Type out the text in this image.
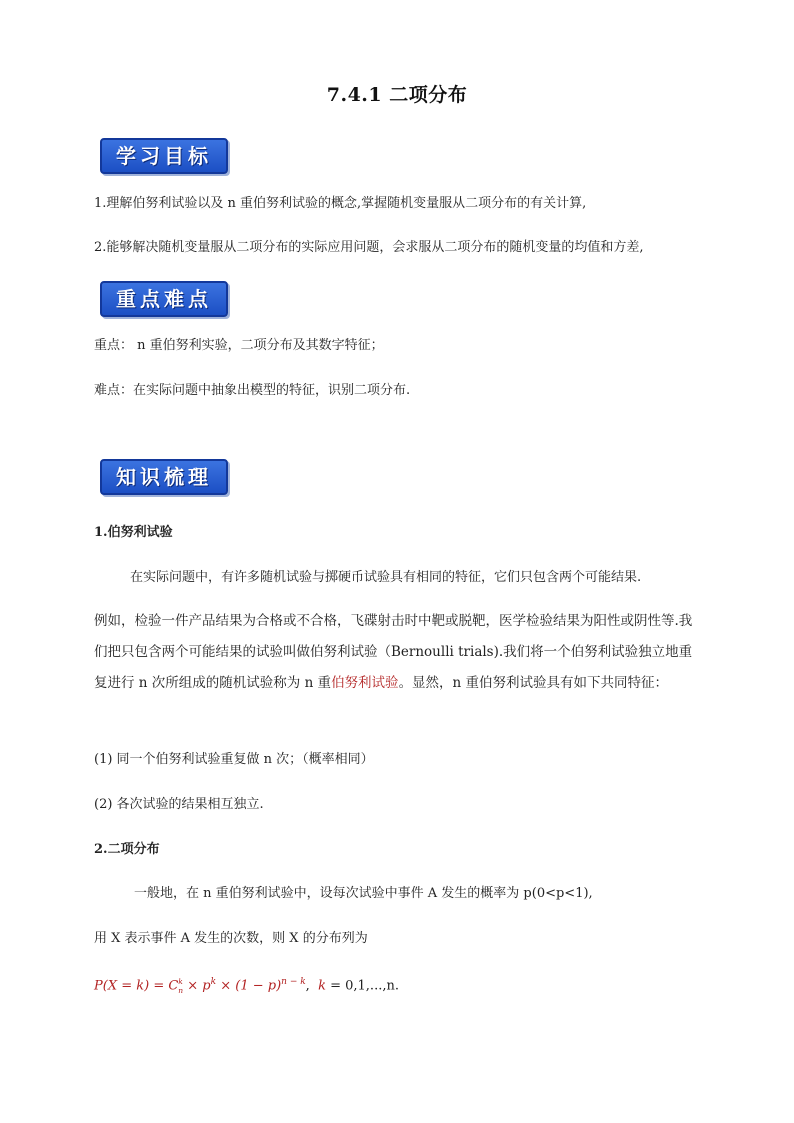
7.4.1 二项分布
学习目标
1.理解伯努利试验以及 n 重伯努利试验的概念,掌握随机变量服从二项分布的有关计算,
2.能够解决随机变量服从二项分布的实际应用问题，会求服从二项分布的随机变量的均值和方差,
重点难点
重点： n 重伯努利实验，二项分布及其数字特征；
难点：在实际问题中抽象出模型的特征，识别二项分布.
知识梳理
1.伯努利试验
在实际问题中，有许多随机试验与掷硬币试验具有相同的特征，它们只包含两个可能结果.
例如，检验一件产品结果为合格或不合格，飞碟射击时中靶或脱靶，医学检验结果为阳性或阴性等.我们把只包含两个可能结果的试验叫做伯努利试验（Bernoulli trials).我们将一个伯努利试验独立地重复进行 n 次所组成的随机试验称为 n 重伯努利试验。显然，n 重伯努利试验具有如下共同特征：
(1) 同一个伯努利试验重复做 n 次；（概率相同）
(2) 各次试验的结果相互独立.
2.二项分布
一般地，在 n 重伯努利试验中，设每次试验中事件 A 发生的概率为 p(0<p<1),
用 X 表示事件 A 发生的次数，则 X 的分布列为
P(X = k) = C k
$n \times p^k \times (1 - p)^{n - k}$,  k = 0,1,...,n.
